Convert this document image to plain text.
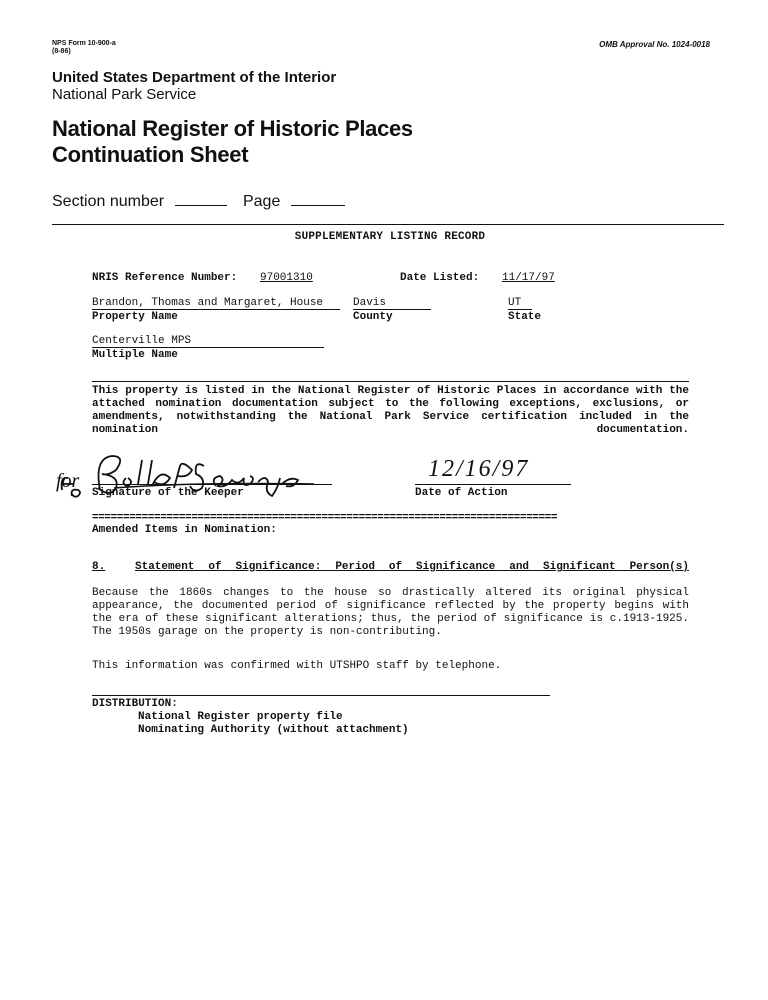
NPS Form 10-900-a
(8-86)
OMB Approval No. 1024-0018
United States Department of the Interior
National Park Service
National Register of Historic Places
Continuation Sheet
Section number	Page
SUPPLEMENTARY LISTING RECORD
NRIS Reference Number: 97001310	Date Listed: 11/17/97
Brandon, Thomas and Margaret, House	Davis	UT
Property Name	County	State
Centerville MPS
Multiple Name
This property is listed in the National Register of Historic Places in accordance with the attached nomination documentation subject to the following exceptions, exclusions, or amendments, notwithstanding the National Park Service certification included in the nomination documentation.
for
Signature of the Keeper
12/16/97
Date of Action
===========================================================================
Amended Items in Nomination:
8.	Statement of Significance: Period of Significance and Significant Person(s)
Because the 1860s changes to the house so drastically altered its original physical appearance, the documented period of significance reflected by the property begins with the era of these significant alterations; thus, the period of significance is c.1913-1925. The 1950s garage on the property is non-contributing.
This information was confirmed with UTSHPO staff by telephone.
DISTRIBUTION:
National Register property file
Nominating Authority (without attachment)
